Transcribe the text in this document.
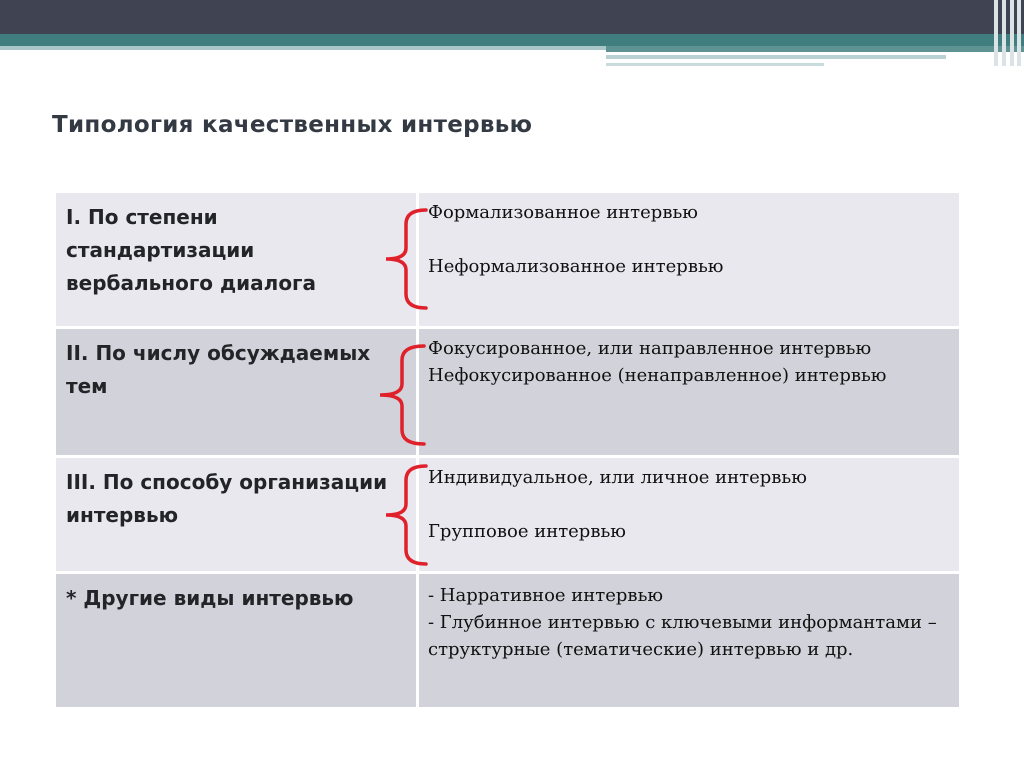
Типология качественных интервью
I. По степени стандартизации вербального диалога
Формализованное интервью
Неформализованное интервью
II. По числу обсуждаемых тем
Фокусированное, или направленное интервью
Нефокусированное (ненаправленное) интервью
III. По способу организации интервью
Индивидуальное, или личное интервью
Групповое интервью
* Другие виды интервью	- Нарративное интервью
- Глубинное интервью с ключевыми информантами – структурные (тематические) интервью и др.
